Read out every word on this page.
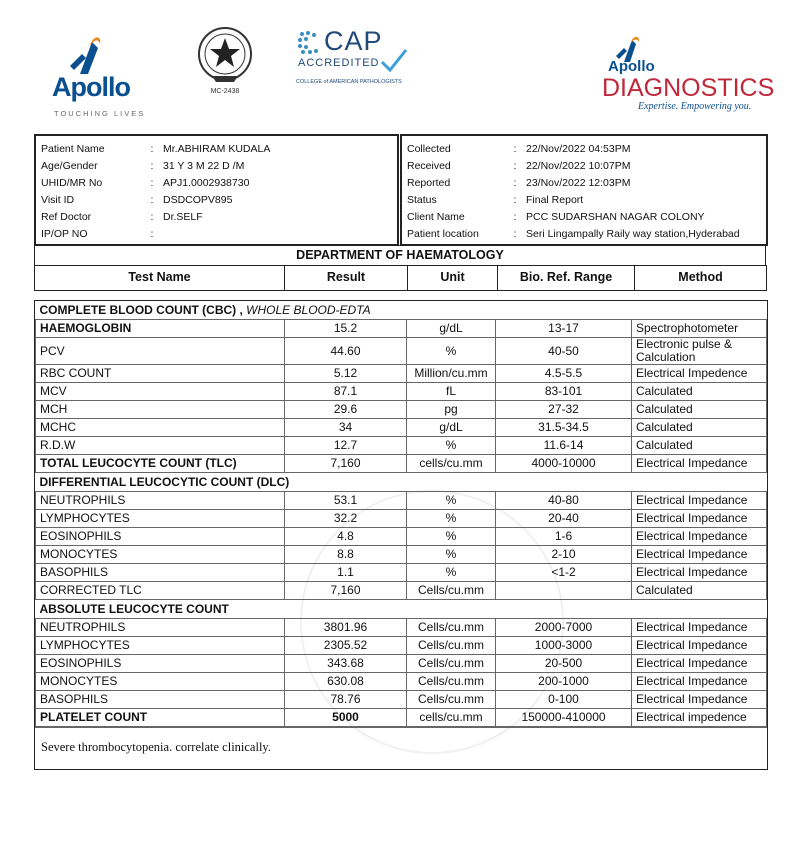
Apollo
TOUCHING LIVES
MC-2438
CAP
ACCREDITED
COLLEGE of AMERICAN PATHOLOGISTS
Apollo
DIAGNOSTICS
Expertise. Empowering you.
Patient Name	:	Mr.ABHIRAM KUDALA
Age/Gender	:	31 Y 3 M 22 D /M
UHID/MR No	:	APJ1.0002938730
Visit ID	:	DSDCOPV895
Ref Doctor	:	Dr.SELF
IP/OP NO	:	
Collected	:	22/Nov/2022 04:53PM
Received	:	22/Nov/2022 10:07PM
Reported	:	23/Nov/2022 12:03PM
Status	:	Final Report
Client Name	:	PCC SUDARSHAN NAGAR COLONY
Patient location	:	Seri Lingampally Raily way station,Hyderabad
DEPARTMENT OF HAEMATOLOGY
Test Name	Result	Unit	Bio. Ref. Range	Method
COMPLETE BLOOD COUNT (CBC) , WHOLE BLOOD-EDTA				
HAEMOGLOBIN	15.2	g/dL	13-17	Spectrophotometer
PCV	44.60	%	40-50	Electronic pulse & Calculation
RBC COUNT	5.12	Million/cu.mm	4.5-5.5	Electrical Impedence
MCV	87.1	fL	83-101	Calculated
MCH	29.6	pg	27-32	Calculated
MCHC	34	g/dL	31.5-34.5	Calculated
R.D.W	12.7	%	11.6-14	Calculated
TOTAL LEUCOCYTE COUNT (TLC)	7,160	cells/cu.mm	4000-10000	Electrical Impedance
DIFFERENTIAL LEUCOCYTIC COUNT (DLC)				
NEUTROPHILS	53.1	%	40-80	Electrical Impedance
LYMPHOCYTES	32.2	%	20-40	Electrical Impedance
EOSINOPHILS	4.8	%	1-6	Electrical Impedance
MONOCYTES	8.8	%	2-10	Electrical Impedance
BASOPHILS	1.1	%	<1-2	Electrical Impedance
CORRECTED TLC	7,160	Cells/cu.mm		Calculated
ABSOLUTE LEUCOCYTE COUNT				
NEUTROPHILS	3801.96	Cells/cu.mm	2000-7000	Electrical Impedance
LYMPHOCYTES	2305.52	Cells/cu.mm	1000-3000	Electrical Impedance
EOSINOPHILS	343.68	Cells/cu.mm	20-500	Electrical Impedance
MONOCYTES	630.08	Cells/cu.mm	200-1000	Electrical Impedance
BASOPHILS	78.76	Cells/cu.mm	0-100	Electrical Impedance
PLATELET COUNT	5000	cells/cu.mm	150000-410000	Electrical impedence
Severe thrombocytopenia. correlate clinically.
